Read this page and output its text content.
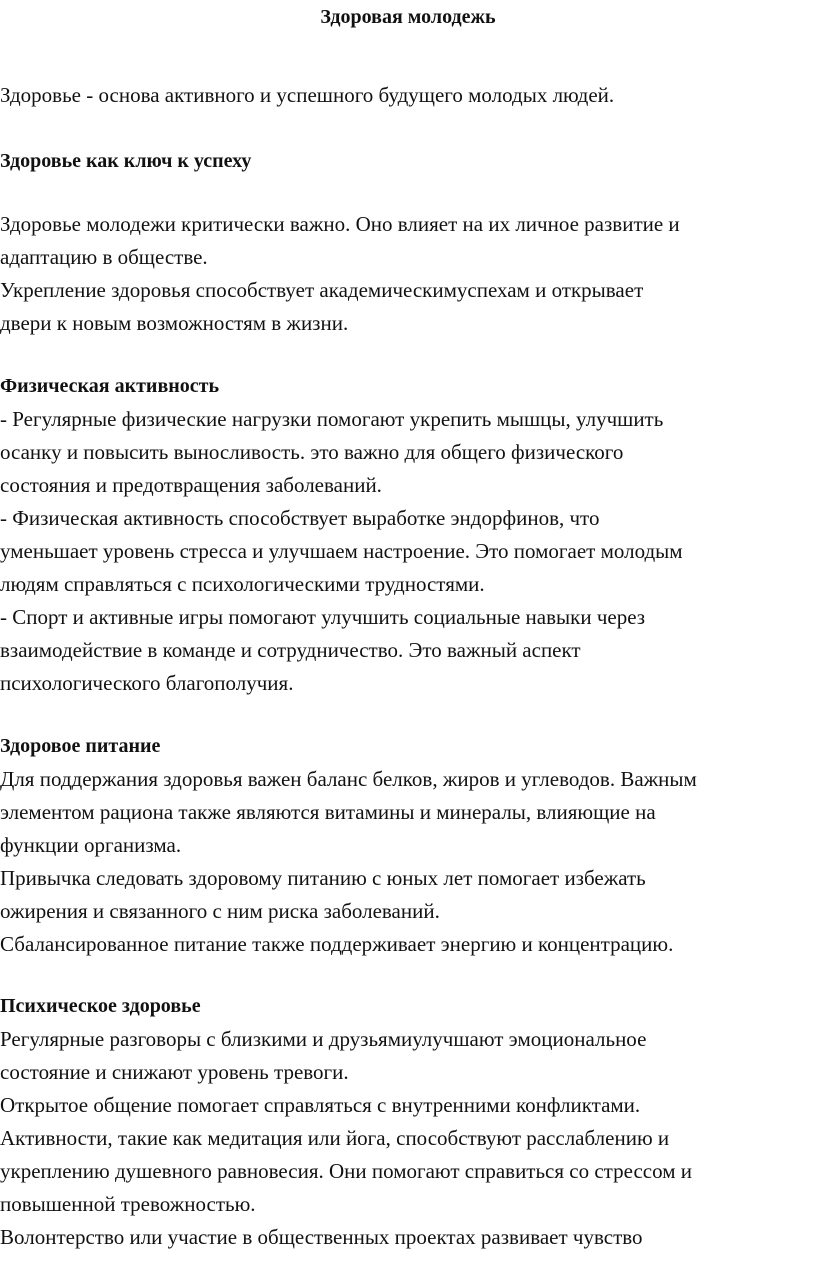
Здоровая молодежь
Здоровье - основа активного и успешного будущего молодых людей.
Здоровье как ключ к успеху
Здоровье молодежи критически важно. Оно влияет на их личное развитие и
адаптацию в обществе.
Укрепление здоровья способствует академическимуспехам и открывает
двери к новым возможностям в жизни.
Физическая активность
- Регулярные физические нагрузки помогают укрепить мышцы, улучшить
осанку и повысить выносливость. это важно для общего физического
состояния и предотвращения заболеваний.
- Физическая активность способствует выработке эндорфинов, что
уменьшает уровень стресса и улучшаем настроение. Это помогает молодым
людям справляться с психологическими трудностями.
- Спорт и активные игры помогают улучшить социальные навыки через
взаимодействие в команде и сотрудничество. Это важный аспект
психологического благополучия.
Здоровое питание
Для поддержания здоровья важен баланс белков, жиров и углеводов. Важным
элементом рациона также являются витамины и минералы, влияющие на
функции организма.
Привычка следовать здоровому питанию с юных лет помогает избежать
ожирения и связанного с ним риска заболеваний.
Сбалансированное питание также поддерживает энергию и концентрацию.
Психическое здоровье
Регулярные разговоры с близкими и друзьямиулучшают эмоциональное
состояние и снижают уровень тревоги.
Открытое общение помогает справляться с внутренними конфликтами.
Активности, такие как медитация или йога, способствуют расслаблению и
укреплению душевного равновесия. Они помогают справиться со стрессом и
повышенной тревожностью.
Волонтерство или участие в общественных проектах развивает чувство
